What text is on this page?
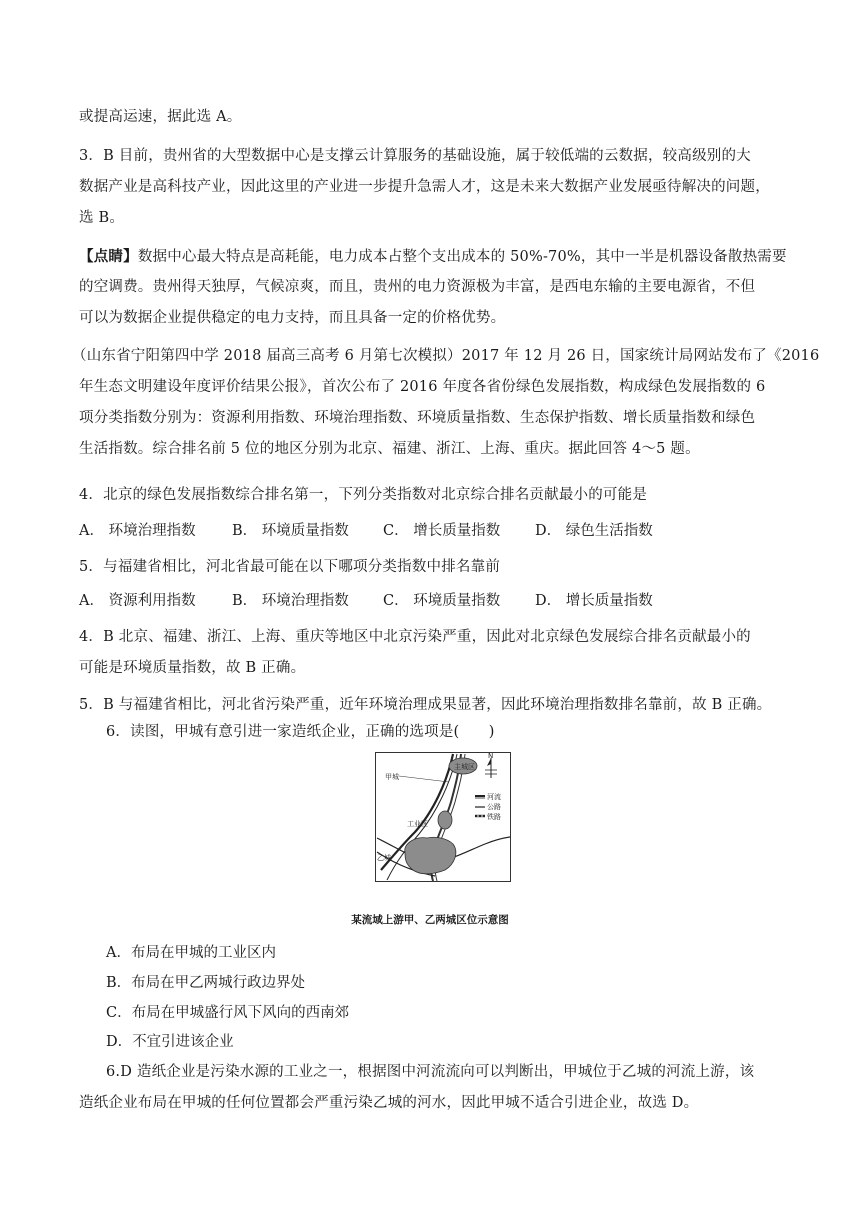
或提高运速，据此选 A。
3．B 目前，贵州省的大型数据中心是支撑云计算服务的基础设施，属于较低端的云数据，较高级别的大
数据产业是高科技产业，因此这里的产业进一步提升急需人才，这是未来大数据产业发展亟待解决的问题，
选 B。
【点睛】数据中心最大特点是高耗能，电力成本占整个支出成本的 50%-70%，其中一半是机器设备散热需要
的空调费。贵州得天独厚，气候凉爽，而且，贵州的电力资源极为丰富，是西电东输的主要电源省，不但
可以为数据企业提供稳定的电力支持，而且具备一定的价格优势。
（山东省宁阳第四中学 2018 届高三高考 6 月第七次模拟）2017 年 12 月 26 日，国家统计局网站发布了《2016
年生态文明建设年度评价结果公报》，首次公布了 2016 年度各省份绿色发展指数，构成绿色发展指数的 6
项分类指数分别为：资源利用指数、环境治理指数、环境质量指数、生态保护指数、增长质量指数和绿色
生活指数。综合排名前 5 位的地区分别为北京、福建、浙江、上海、重庆。据此回答 4～5 题。
4．北京的绿色发展指数综合排名第一，下列分类指数对北京综合排名贡献最小的可能是
A． 环境治理指数	B． 环境质量指数 C． 增长质量指数 D． 绿色生活指数
5．与福建省相比，河北省最可能在以下哪项分类指数中排名靠前
A． 资源利用指数	B． 环境治理指数 C． 环境质量指数 D． 增长质量指数
4．B 北京、福建、浙江、上海、重庆等地区中北京污染严重，因此对北京绿色发展综合排名贡献最小的
可能是环境质量指数，故 B 正确。
5．B 与福建省相比，河北省污染严重，近年环境治理成果显著，因此环境治理指数排名靠前，故 B 正确。
6．读图，甲城有意引进一家造纸企业，正确的选项是(　　)
主城区
甲城
工业区
乙城
N
河流
公路
铁路
某流域上游甲、乙两城区位示意图
A．布局在甲城的工业区内
B．布局在甲乙两城行政边界处
C．布局在甲城盛行风下风向的西南郊
D．不宜引进该企业
6.D 造纸企业是污染水源的工业之一，根据图中河流流向可以判断出，甲城位于乙城的河流上游，该
造纸企业布局在甲城的任何位置都会严重污染乙城的河水，因此甲城不适合引进企业，故选 D。
